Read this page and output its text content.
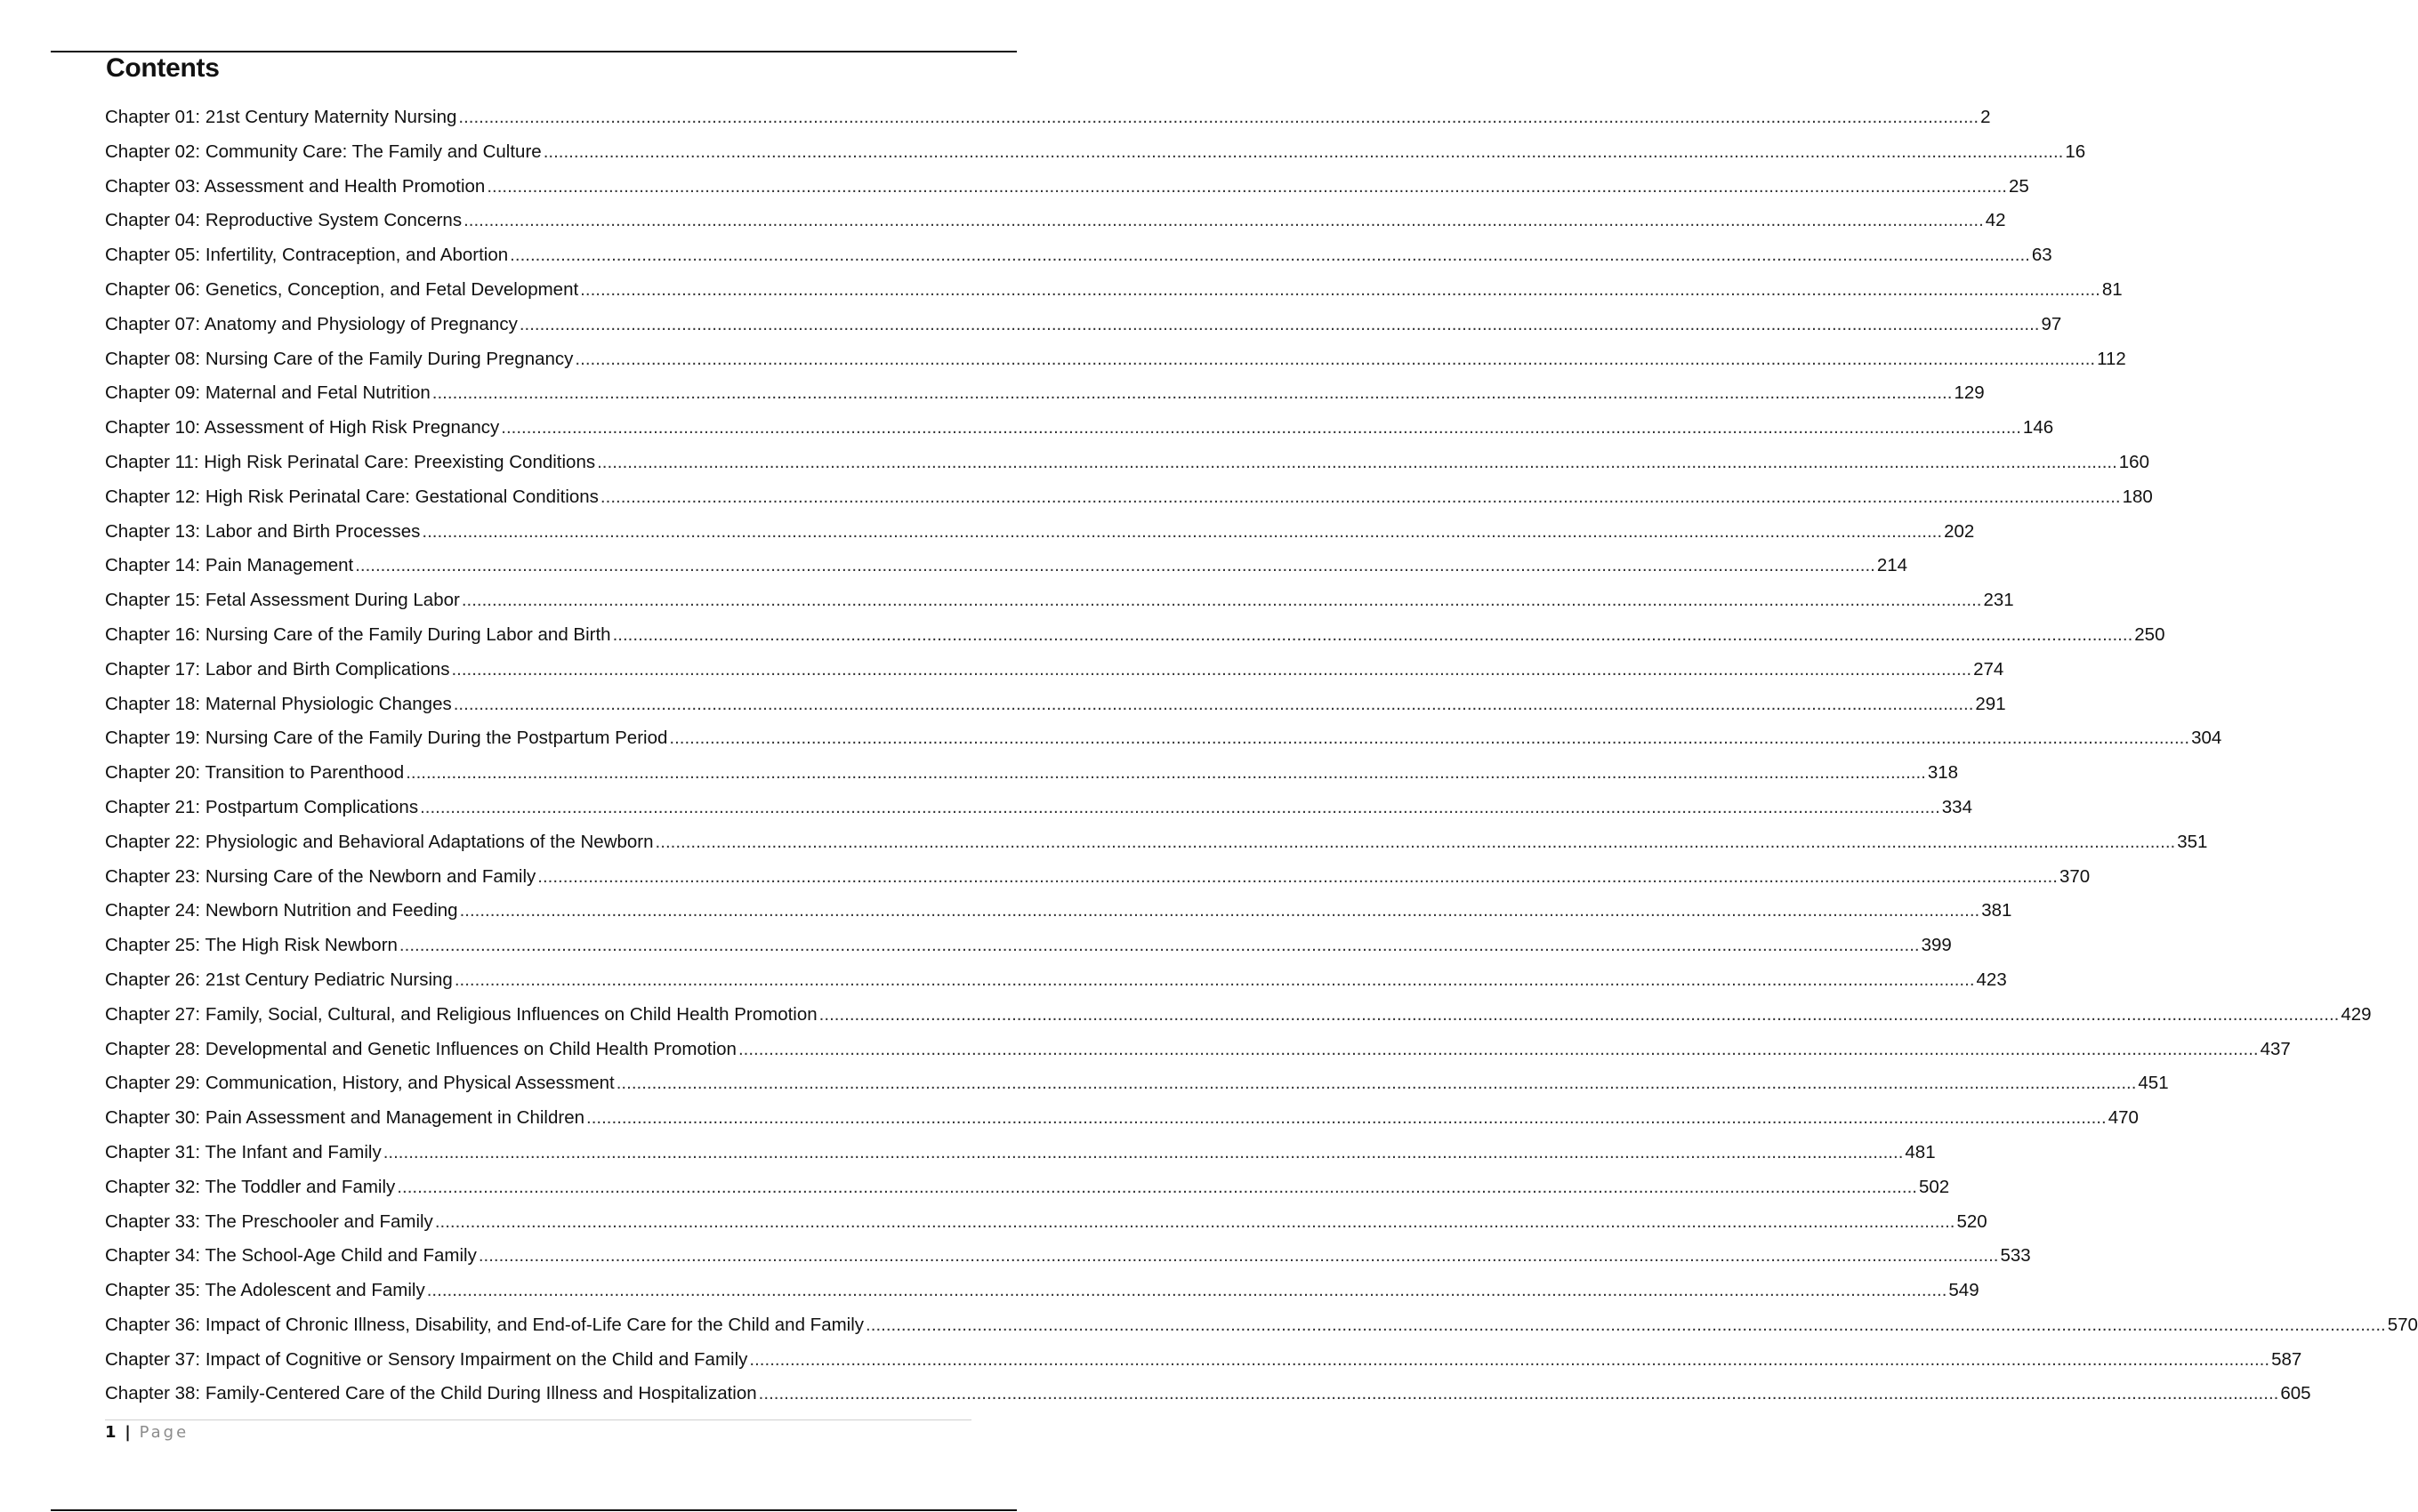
Contents
Chapter 01: 21st Century Maternity Nursing ............................................................................................................................................................................................................................................................................................................ 2
Chapter 02: Community Care: The Family and Culture ............................................................................................................................................................................................................................................................................................................ 16
Chapter 03: Assessment and Health Promotion ............................................................................................................................................................................................................................................................................................................ 25
Chapter 04: Reproductive System Concerns ............................................................................................................................................................................................................................................................................................................ 42
Chapter 05: Infertility, Contraception, and Abortion ............................................................................................................................................................................................................................................................................................................ 63
Chapter 06: Genetics, Conception, and Fetal Development ............................................................................................................................................................................................................................................................................................................ 81
Chapter 07: Anatomy and Physiology of Pregnancy ............................................................................................................................................................................................................................................................................................................ 97
Chapter 08: Nursing Care of the Family During Pregnancy ............................................................................................................................................................................................................................................................................................................ 112
Chapter 09: Maternal and Fetal Nutrition ............................................................................................................................................................................................................................................................................................................ 129
Chapter 10: Assessment of High Risk Pregnancy ............................................................................................................................................................................................................................................................................................................ 146
Chapter 11: High Risk Perinatal Care: Preexisting Conditions ............................................................................................................................................................................................................................................................................................................ 160
Chapter 12: High Risk Perinatal Care: Gestational Conditions ............................................................................................................................................................................................................................................................................................................ 180
Chapter 13: Labor and Birth Processes ............................................................................................................................................................................................................................................................................................................ 202
Chapter 14: Pain Management ............................................................................................................................................................................................................................................................................................................ 214
Chapter 15: Fetal Assessment During Labor ............................................................................................................................................................................................................................................................................................................ 231
Chapter 16: Nursing Care of the Family During Labor and Birth ............................................................................................................................................................................................................................................................................................................ 250
Chapter 17: Labor and Birth Complications ............................................................................................................................................................................................................................................................................................................ 274
Chapter 18: Maternal Physiologic Changes ............................................................................................................................................................................................................................................................................................................ 291
Chapter 19: Nursing Care of the Family During the Postpartum Period ............................................................................................................................................................................................................................................................................................................ 304
Chapter 20: Transition to Parenthood ............................................................................................................................................................................................................................................................................................................ 318
Chapter 21: Postpartum Complications ............................................................................................................................................................................................................................................................................................................ 334
Chapter 22: Physiologic and Behavioral Adaptations of the Newborn ............................................................................................................................................................................................................................................................................................................ 351
Chapter 23: Nursing Care of the Newborn and Family ............................................................................................................................................................................................................................................................................................................ 370
Chapter 24: Newborn Nutrition and Feeding ............................................................................................................................................................................................................................................................................................................ 381
Chapter 25: The High Risk Newborn ............................................................................................................................................................................................................................................................................................................ 399
Chapter 26: 21st Century Pediatric Nursing ............................................................................................................................................................................................................................................................................................................ 423
Chapter 27: Family, Social, Cultural, and Religious Influences on Child Health Promotion ............................................................................................................................................................................................................................................................................................................ 429
Chapter 28: Developmental and Genetic Influences on Child Health Promotion ............................................................................................................................................................................................................................................................................................................ 437
Chapter 29: Communication, History, and Physical Assessment ............................................................................................................................................................................................................................................................................................................ 451
Chapter 30: Pain Assessment and Management in Children ............................................................................................................................................................................................................................................................................................................ 470
Chapter 31: The Infant and Family ............................................................................................................................................................................................................................................................................................................ 481
Chapter 32: The Toddler and Family ............................................................................................................................................................................................................................................................................................................ 502
Chapter 33: The Preschooler and Family ............................................................................................................................................................................................................................................................................................................ 520
Chapter 34: The School-Age Child and Family ............................................................................................................................................................................................................................................................................................................ 533
Chapter 35: The Adolescent and Family ............................................................................................................................................................................................................................................................................................................ 549
Chapter 36: Impact of Chronic Illness, Disability, and End-of-Life Care for the Child and Family ............................................................................................................................................................................................................................................................................................................ 570
Chapter 37: Impact of Cognitive or Sensory Impairment on the Child and Family ............................................................................................................................................................................................................................................................................................................ 587
Chapter 38: Family-Centered Care of the Child During Illness and Hospitalization ............................................................................................................................................................................................................................................................................................................ 605
1 | Page
